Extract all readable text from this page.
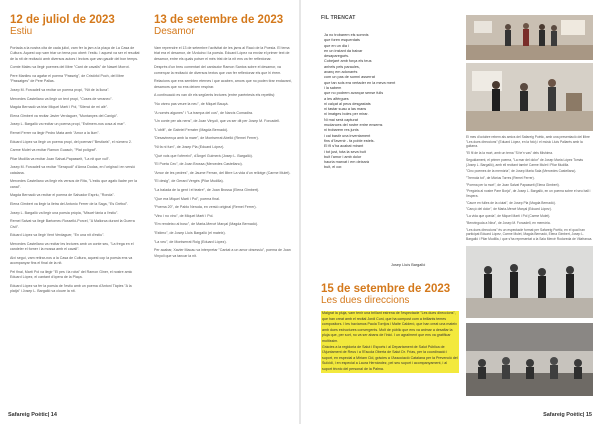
12 de juliol de 2023
Estiu

Portada a la nostra cita de cada juliol, vam fer la jam a la plaça de La Casa de Cultura. Aquest cop vam triar un tema poc obert: l'estiu. I aquest va ser el resultat de la nit de recitació amb diversos autors i lectors que van gaudir del bon temps.

Comte Maleu va llegir poemes del llibre "Cant de cavalls" de Nawet Morrot.

Pere Manlleu va agafar el poema "Passeig", de Cristòfol Poch, del llibre "Passatges" de Pere Pallas.

Josep M. Forcadell va recitar un poema propi, "Nit de la lluna".

Mercedes Castellano va llegir un text propi, "Coses de veraneo".

Magda Bernadó va triar Miquel Martí i Pol, "Silenci de mi alè".

Elena Gimbert va recitar Javier Verdaguer, "Muntanyes del Canigó".

Josep L. Bargalló va recitar un poema propi, "Estimem-nos cosa al mar".

Remei Ferrer va llegir Pedro Mata amb "Amor a la llum".

Eduard López va llegir un poema propi, del poemari "Bestiaris", el número 2.

Carme Mulet va recitar Ramon Guasch, "Plat polígraf".

Pilar Mudilla va recitar Joan Salvat-Papasseit, "La nit que vull".

Josep M. Forcadell va recitar "Serapudi" d'Anna Dodas, en l'original i en versió catalana.

Mercedes Castellano va llegir els versos de Rita, "L'estiu que agafo lladre per la canal".

Magda Bernadó va recitar el poema de Salvador Espriu, "Ronda".

Elena Gimbert va llegir la lletra del Antonio Ferrer de la Saga, "Es Grèbol".

Josep L. Bargalló va llegir una poesia pròpia, "Miscel·lània a l'estiu".

Remei Salvat va llegir Bartomeu Rosselló-Porcel, "A Mallorca durant la Guerra Civil".

Eduard López va llegir Vent Verdaguer, "En una nit d'estiu".

Mercedes Castellano va recitar les lectures amb un conte seu, "La frega en el candeler el forner i la mossa amb el cavall".

Així seguí, vam retirar-nos a la Casa de Cultura, aquest cop la poesia ens va acompanyar fins el final de la nit.

Pel final, Martí Pol va llegir "El pes i la roba" del Ramon Giner, el nostre amic Eduard López, el cantant d'òpera de la Plaça.

Eduard López va fer la poesia de l'estiu amb un poema d'Antoni Tàpies "A la platja" i Josep L. Bargalló va cloure la nit.

13 de setembre de 2023
Desamor

Vam reprendre el 13 de setembre l'activitat de les jams al Racó de la Poesia. El tema triat era el desamor, de l'Arduino i la poesia. Eduard López va enviar el primer text de desamor, entre els quals potser el més trist de la nit ens va fer reflexionar.

Després d'un breu comentari del cantautor Ramon Santos sobre el desamor, va començar la recitació de diversos textos que van fer reflexionar els que hi érem.

Relacions que ens semblen eternes i que acaben, amors que no poden tirar endavant, desamors que no ens deixen respirar.

A continuació es van dir els següents lectures (entre parèntesis els repetits):

"No vàreu pas veure la neu", de Miquel Bauçà.

"A només algunes" i "La trampa del cos", de Narcís Comadira.

"Un conte per als nens", de Joan Vinyoli, que va ser dit per Josep M. Forcadell.

"L'oblit", de Gabriel Ferrater (Magda Bernadó).

"Desavinença amb la mare", de Montserrat Abelló (Remei Ferrer).

"Ni fa ni fum", de Josep Pla (Eduard López).

"Què vols que t'ofereixi", d'Àngel Guimerà (Josep L. Bargalló).

"El Poeta Cec", de Joan Brossa (Mercedes Castellano).

"Amor de les pedres", de Jaume Ferran, del llibre La vida d'un rellotge (Carme Mulet).

"El desig", de Gerard Vergés (Pilar Mudilla).

"La balada de la gent i el teatre", de Joan Brossa (Elena Gimbert).

"Que era Miquel Martí i Pol", poema final.

"Poema 20", de Pablo Neruda, en versió original (Remei Ferrer).

"Vinc i no vinc", de Miquel Martí i Pol.

"Em rendeixo al bosc", de Maria-Mercè Marçal (Magda Bernadó).

"Estimo", de Josep Lluís Bargalló (el mateix).

"La veu", de Montserrat Roig (Eduard López).

Per acabar, Xavier Macau va interpretar "Cantat a un amor obsessiu", poema de Joan Vinyoli que va tancar la nit.

Safareig Poètic| 14
FIL TRENCAT
Ja no trobarem els somnis
que foren esquerdats
que en un dia i
en un instant da baixar
desaparegués.
Cobejaré amb força els teus
anhels pels paraules,
avanç em adonarés
com un pas de somni asserrat
que tan sols era vertader en la meva ment
i la sabem
que no podrem avançar sense fulls
a les alfèrgues
ni calçat al peus desgastats
ni tastar suau a las mans
ni imatges boles per mirar.
Ni mai serà capturat
mudances del rostre entre ensems
ni trobarem res junts
i cal bastir una inventament
fins d'l'avenir - fa poble estels.
El fil s'ha acabat mirant
i tot just, tota la seva buit
buit l'amor i amb dolor
hauria marxat i em deixarà
buit, el cor.
Josep Lluís Bargalló

El mes d'octubre rebem als amics del Safareig Poètic, amb una presentació del llibre "Les dues direccions" (Eduard López, en la foto) i el músic Lluís Pallarès amb la guitarra.

"El fil de la la mort, amb un tema "Si te'n vas" dels Mishima.

Seguidament, el primer poema, "La mar del dolor" de Josep Maria López Tomàs (Josep L. Bargalló), amb ell recitant també Carme Mulet i Pilar Mudilla.

"Cinc poemes de la memòria", de Josep Maria Sala (Mercedes Castellano).

"Tremola tot", de Màrius Torres (Remei Ferrer).

"Poema per la mort", de Joan Salvat Papasseit (Elena Gimbert).

"Pregària al nostre Pare Borja", de Josep L. Bargalló, en un poema sobre el seu ball i l'espera.

"Caure en fulles de la ciutat", de Josep Pla (Magda Bernadó).

"Cançó del dolor", de Maria-Mercè Marçal (Eduard López).

"La vida que queda", de Miquel Martí i Pol (Carme Mulet).

"Benvinguda a Nina", de Josep M. Forcadell, en memòria.

"Les dues direccions" és un espectacle format per Safareig Poètic, en el qual han participat Eduard López, Carme Mulet, Magda Bernadó, Elena Gimbert, Josep L. Bargalló i Pilar Mudilla, i que s'ha representat a la Sala Mercè Rodoreda de Vilafranca.

15 de setembre de 2023
Les dues direccions

Malgrat la pluja, vam tenir una brillant estrena de l'espectacle "Les dues direccions", que han creat amb el recital Jordi Cuni, que ha compost com a brillants temes compositors. I les havíamos Paola Torrijos i Maite Calderó, que han creat una mateix amb dues estructures convergents. Molt de públic que ens va animar a desafiar la pluja que, per sort, no va ser abans de l'inici. I un agraïment que ens va gratificar moltíssim.

Gràcies a la regidoria de Salut i Esports i al Departament de Salut Pública de l'Ajuntament de Reus i a l'Escola Oberta de Salut Dr. Frías, per la coordinació i suport, en especial a Miriam Cid, gràcies a l'Associació Catalana per la Prevenció del Suïcidi, i en especial a Laura Hernández, pel seu suport i acompanyament, i al suport tècnic del personal de la Palma.

Safareig Poètic| 15
